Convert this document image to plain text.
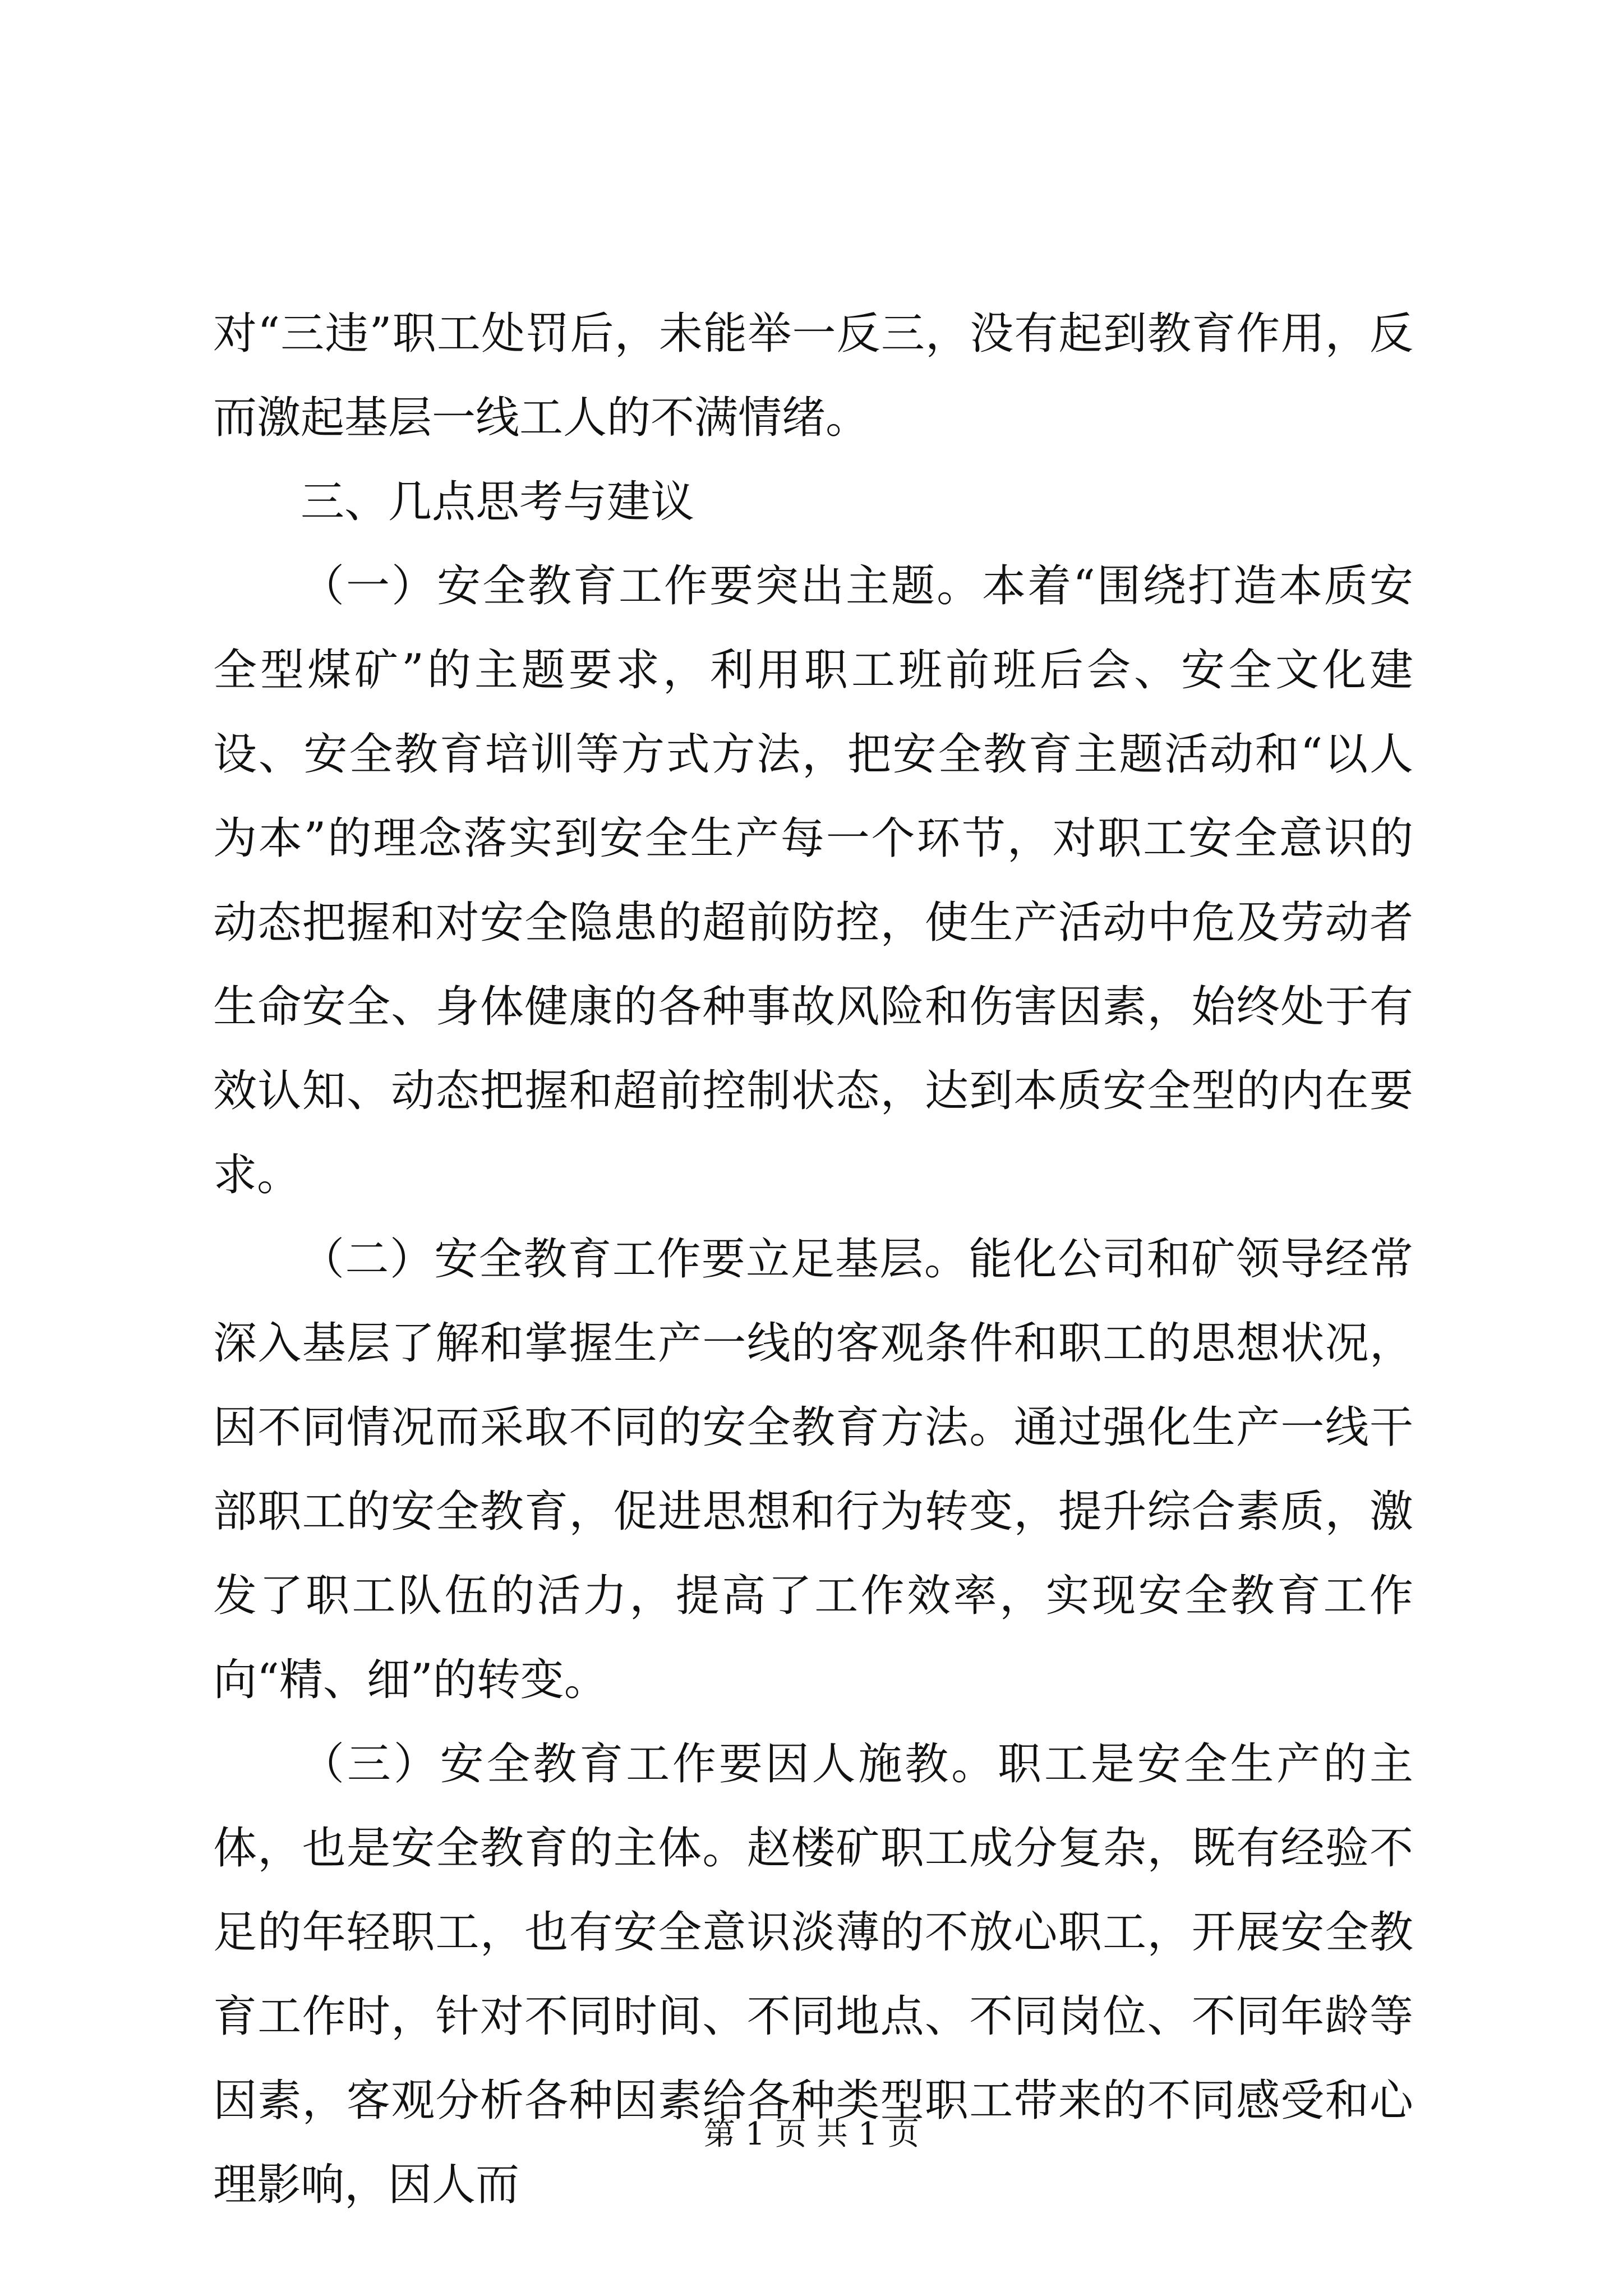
对“三违”职工处罚后，未能举一反三，没有起到教育作用，反而激起基层一线工人的不满情绪。

三、几点思考与建议

（一）安全教育工作要突出主题。本着“围绕打造本质安全型煤矿”的主题要求，利用职工班前班后会、安全文化建设、安全教育培训等方式方法，把安全教育主题活动和“以人为本”的理念落实到安全生产每一个环节，对职工安全意识的动态把握和对安全隐患的超前防控，使生产活动中危及劳动者生命安全、身体健康的各种事故风险和伤害因素，始终处于有效认知、动态把握和超前控制状态，达到本质安全型的内在要求。

（二）安全教育工作要立足基层。能化公司和矿领导经常深入基层了解和掌握生产一线的客观条件和职工的思想状况，因不同情况而采取不同的安全教育方法。通过强化生产一线干部职工的安全教育，促进思想和行为转变，提升综合素质，激发了职工队伍的活力，提高了工作效率，实现安全教育工作向“精、细”的转变。

（三）安全教育工作要因人施教。职工是安全生产的主体，也是安全教育的主体。赵楼矿职工成分复杂，既有经验不足的年轻职工，也有安全意识淡薄的不放心职工，开展安全教育工作时，针对不同时间、不同地点、不同岗位、不同年龄等因素，客观分析各种因素给各种类型职工带来的不同感受和心理影响，因人而

第 1 页 共 1 页
